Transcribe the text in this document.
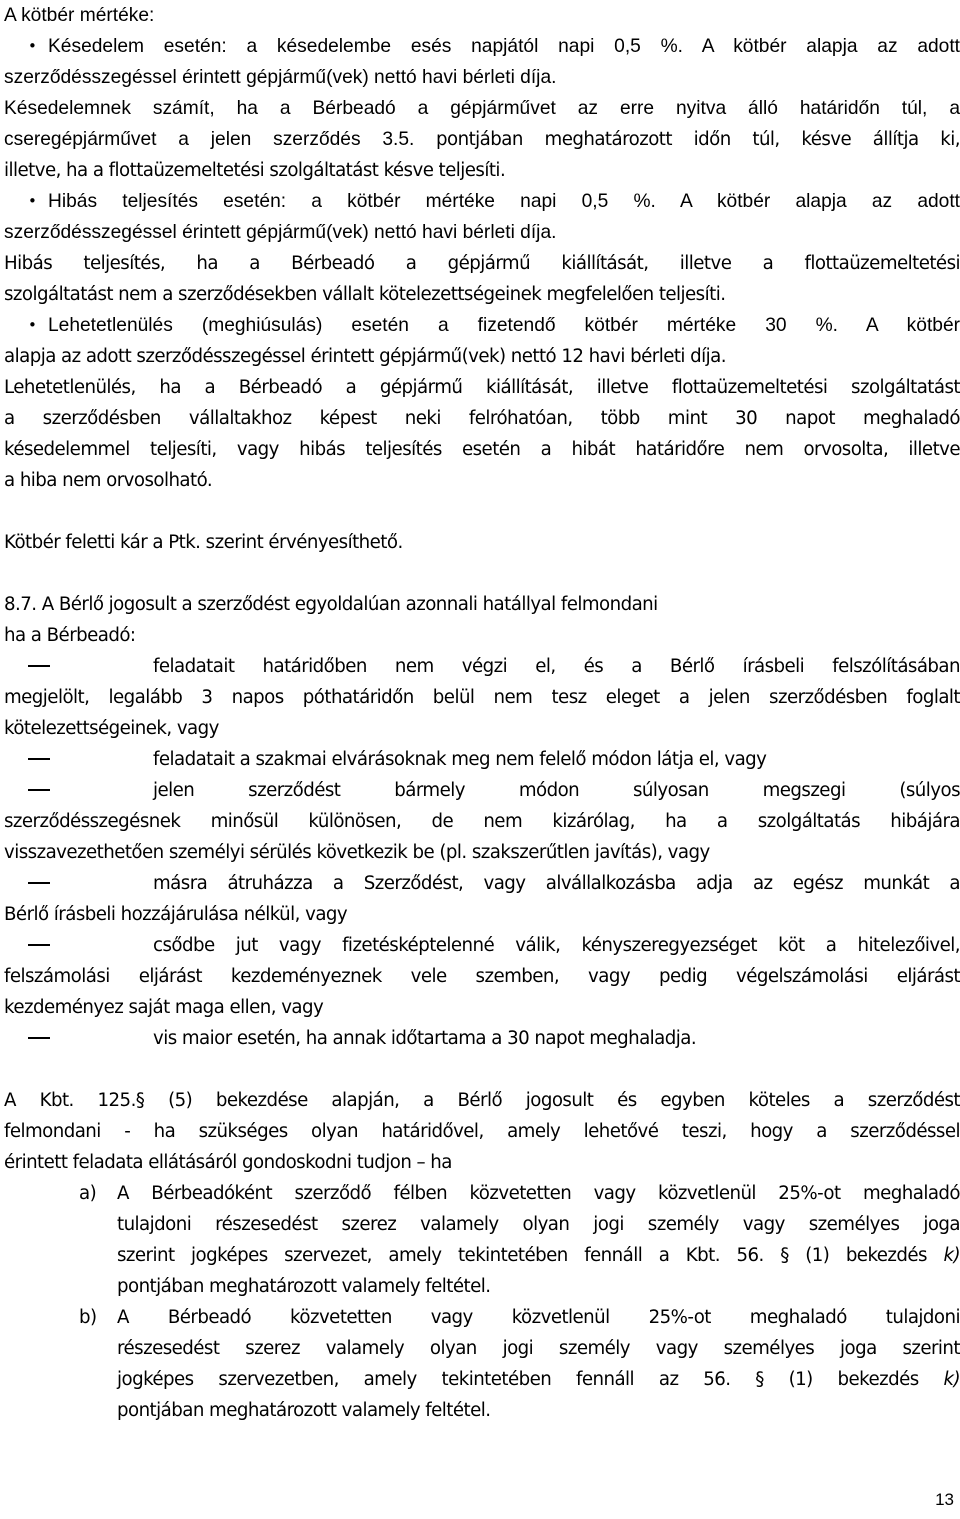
A kötbér mértéke:
• Késedelem esetén: a késedelembe esés napjától napi 0,5 %. A kötbér alapja az adott
szerződésszegéssel érintett gépjármű(vek) nettó havi bérleti díja.
Késedelemnek számít, ha a Bérbeadó a gépjárművet az erre nyitva álló határidőn túl, a
cseregépjárművet a jelen szerződés 3.5. pontjában meghatározott időn túl, késve állítja ki,
illetve, ha a flottaüzemeltetési szolgáltatást késve teljesíti.
• Hibás teljesítés esetén: a kötbér mértéke napi 0,5 %. A kötbér alapja az adott
szerződésszegéssel érintett gépjármű(vek) nettó havi bérleti díja.
Hibás teljesítés, ha a Bérbeadó a gépjármű kiállítását, illetve a flottaüzemeltetési
szolgáltatást nem a szerződésekben vállalt kötelezettségeinek megfelelően teljesíti.
• Lehetetlenülés (meghiúsulás) esetén a fizetendő kötbér mértéke 30 %. A kötbér
alapja az adott szerződésszegéssel érintett gépjármű(vek) nettó 12 havi bérleti díja.
Lehetetlenülés, ha a Bérbeadó a gépjármű kiállítását, illetve flottaüzemeltetési szolgáltatást
a szerződésben vállaltakhoz képest neki felróhatóan, több mint 30 napot meghaladó
késedelemmel teljesíti, vagy hibás teljesítés esetén a hibát határidőre nem orvosolta, illetve
a hiba nem orvosolható.
Kötbér feletti kár a Ptk. szerint érvényesíthető.
8.7. A Bérlő jogosult a szerződést egyoldalúan azonnali hatállyal felmondani
ha a Bérbeadó:
feladatait határidőben nem végzi el, és a Bérlő írásbeli felszólításában
megjelölt, legalább 3 napos póthatáridőn belül nem tesz eleget a jelen szerződésben foglalt
kötelezettségeinek, vagy
feladatait a szakmai elvárásoknak meg nem felelő módon látja el, vagy
jelen szerződést bármely módon súlyosan megszegi (súlyos
szerződésszegésnek minősül különösen, de nem kizárólag, ha a szolgáltatás hibájára
visszavezethetően személyi sérülés következik be (pl. szakszerűtlen javítás), vagy
másra átruházza a Szerződést, vagy alvállalkozásba adja az egész munkát a
Bérlő írásbeli hozzájárulása nélkül, vagy
csődbe jut vagy fizetésképtelenné válik, kényszeregyezséget köt a hitelezőivel,
felszámolási eljárást kezdeményeznek vele szemben, vagy pedig végelszámolási eljárást
kezdeményez saját maga ellen, vagy
vis maior esetén, ha annak időtartama a 30 napot meghaladja.
A Kbt. 125.§ (5) bekezdése alapján, a Bérlő jogosult és egyben köteles a szerződést
felmondani - ha szükséges olyan határidővel, amely lehetővé teszi, hogy a szerződéssel
érintett feladata ellátásáról gondoskodni tudjon – ha
a) A Bérbeadóként szerződő félben közvetetten vagy közvetlenül 25%-ot meghaladó
tulajdoni részesedést szerez valamely olyan jogi személy vagy személyes joga
szerint jogképes szervezet, amely tekintetében fennáll a Kbt. 56. § (1) bekezdés k)
pontjában meghatározott valamely feltétel.
b) A Bérbeadó közvetetten vagy közvetlenül 25%-ot meghaladó tulajdoni
részesedést szerez valamely olyan jogi személy vagy személyes joga szerint
jogképes szervezetben, amely tekintetében fennáll az 56. § (1) bekezdés k)
pontjában meghatározott valamely feltétel.
13
